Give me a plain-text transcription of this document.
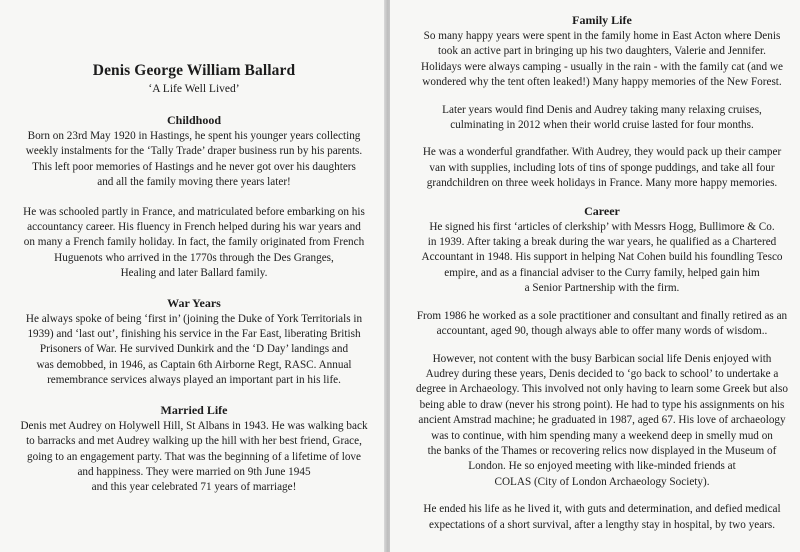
Denis George William Ballard
‘A Life Well Lived’
Childhood

Born on 23rd May 1920 in Hastings, he spent his younger years collecting
weekly instalments for the ‘Tally Trade’ draper business run by his parents.
This left poor memories of Hastings and he never got over his daughters
and all the family moving there years later!

He was schooled partly in France, and matriculated before embarking on his
accountancy career. His fluency in French helped during his war years and
on many a French family holiday. In fact, the family originated from French
Huguenots who arrived in the 1770s through the Des Granges,
Healing and later Ballard family.

War Years

He always spoke of being ‘first in’ (joining the Duke of York Territorials in
1939) and ‘last out’, finishing his service in the Far East, liberating British
Prisoners of War. He survived Dunkirk and the ‘D Day’ landings and
was demobbed, in 1946, as Captain 6th Airborne Regt, RASC. Annual
remembrance services always played an important part in his life.

Married Life

Denis met Audrey on Holywell Hill, St Albans in 1943. He was walking back
to barracks and met Audrey walking up the hill with her best friend, Grace,
going to an engagement party. That was the beginning of a lifetime of love
and happiness. They were married on 9th June 1945
and this year celebrated 71 years of marriage!

Family Life

So many happy years were spent in the family home in East Acton where Denis
took an active part in bringing up his two daughters, Valerie and Jennifer.
Holidays were always camping - usually in the rain - with the family cat (and we
wondered why the tent often leaked!) Many happy memories of the New Forest.

Later years would find Denis and Audrey taking many relaxing cruises,
culminating in 2012 when their world cruise lasted for four months.

He was a wonderful grandfather. With Audrey, they would pack up their camper
van with supplies, including lots of tins of sponge puddings, and take all four
grandchildren on three week holidays in France. Many more happy memories.

Career

He signed his first ‘articles of clerkship’ with Messrs Hogg, Bullimore & Co.
in 1939. After taking a break during the war years, he qualified as a Chartered
Accountant in 1948. His support in helping Nat Cohen build his foundling Tesco
empire, and as a financial adviser to the Curry family, helped gain him
a Senior Partnership with the firm.

From 1986 he worked as a sole practitioner and consultant and finally retired as an
accountant, aged 90, though always able to offer many words of wisdom..

However, not content with the busy Barbican social life Denis enjoyed with
Audrey during these years, Denis decided to ‘go back to school’ to undertake a
degree in Archaeology. This involved not only having to learn some Greek but also
being able to draw (never his strong point). He had to type his assignments on his
ancient Amstrad machine; he graduated in 1987, aged 67. His love of archaeology
was to continue, with him spending many a weekend deep in smelly mud on
the banks of the Thames or recovering relics now displayed in the Museum of
London. He so enjoyed meeting with like-minded friends at
COLAS (City of London Archaeology Society).

He ended his life as he lived it, with guts and determination, and defied medical
expectations of a short survival, after a lengthy stay in hospital, by two years.
